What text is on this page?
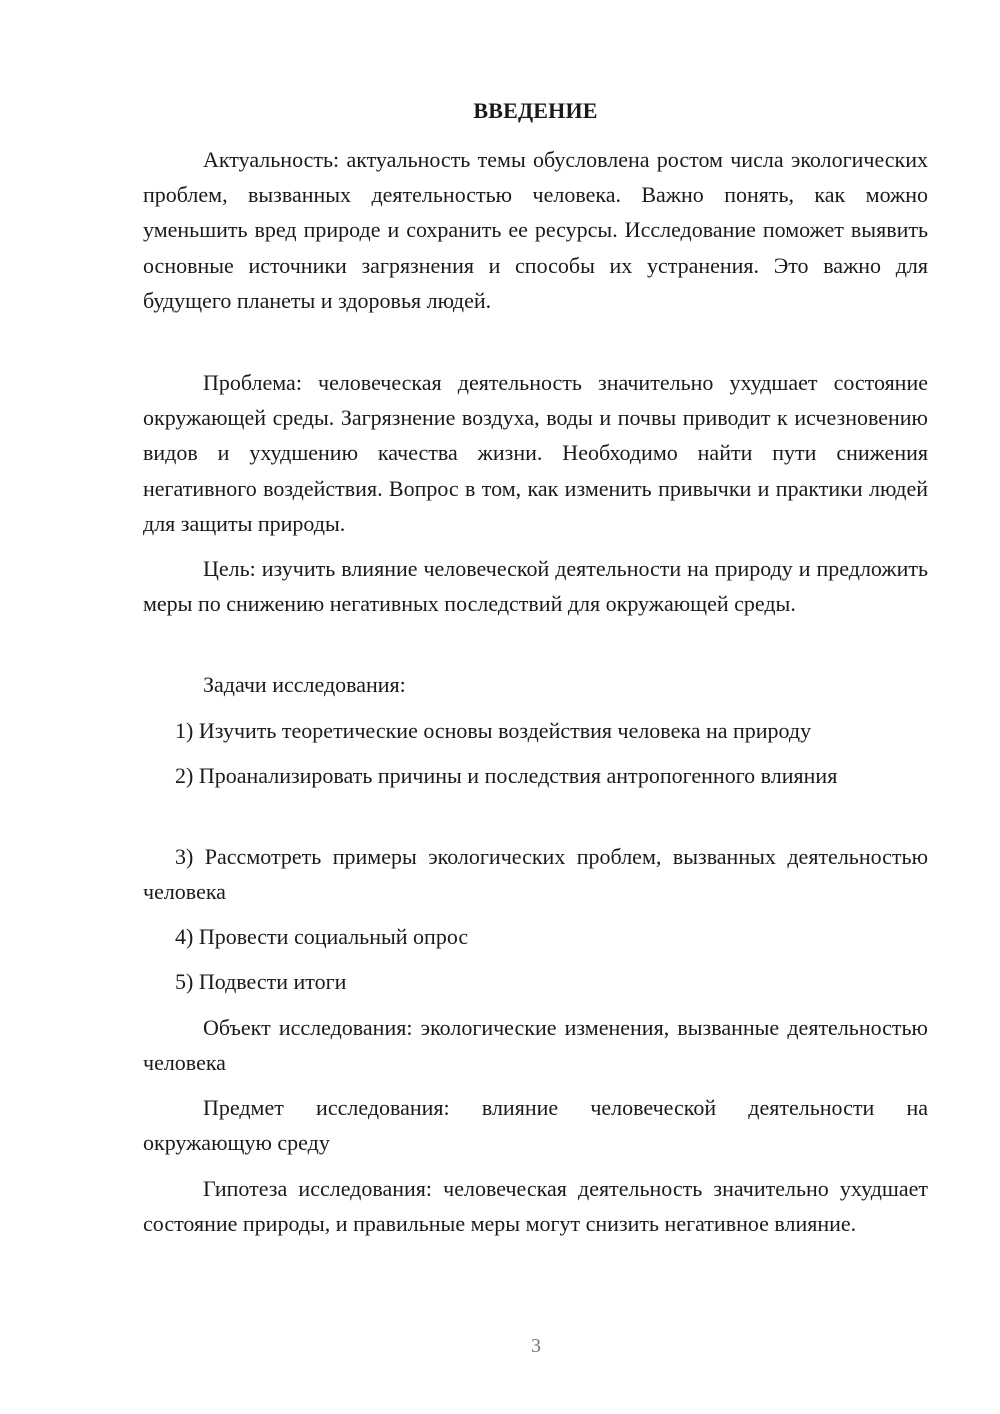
ВВЕДЕНИЕ

Актуальность: актуальность темы обусловлена ростом числа экологических проблем, вызванных деятельностью человека. Важно понять, как можно уменьшить вред природе и сохранить ее ресурсы. Исследование поможет выявить основные источники загрязнения и способы их устранения. Это важно для будущего планеты и здоровья людей.

Проблема: человеческая деятельность значительно ухудшает состояние окружающей среды. Загрязнение воздуха, воды и почвы приводит к исчезновению видов и ухудшению качества жизни. Необходимо найти пути снижения негативного воздействия. Вопрос в том, как изменить привычки и практики людей для защиты природы.

Цель: изучить влияние человеческой деятельности на природу и предложить меры по снижению негативных последствий для окружающей среды.

Задачи исследования:

1) Изучить теоретические основы воздействия человека на природу

2) Проанализировать причины и последствия антропогенного влияния

3) Рассмотреть примеры экологических проблем, вызванных деятельностью человека

4) Провести социальный опрос

5) Подвести итоги

Объект исследования: экологические изменения, вызванные деятельностью человека

Предмет исследования: влияние человеческой деятельности на окружающую среду

Гипотеза исследования: человеческая деятельность значительно ухудшает состояние природы, и правильные меры могут снизить негативное влияние.

3
